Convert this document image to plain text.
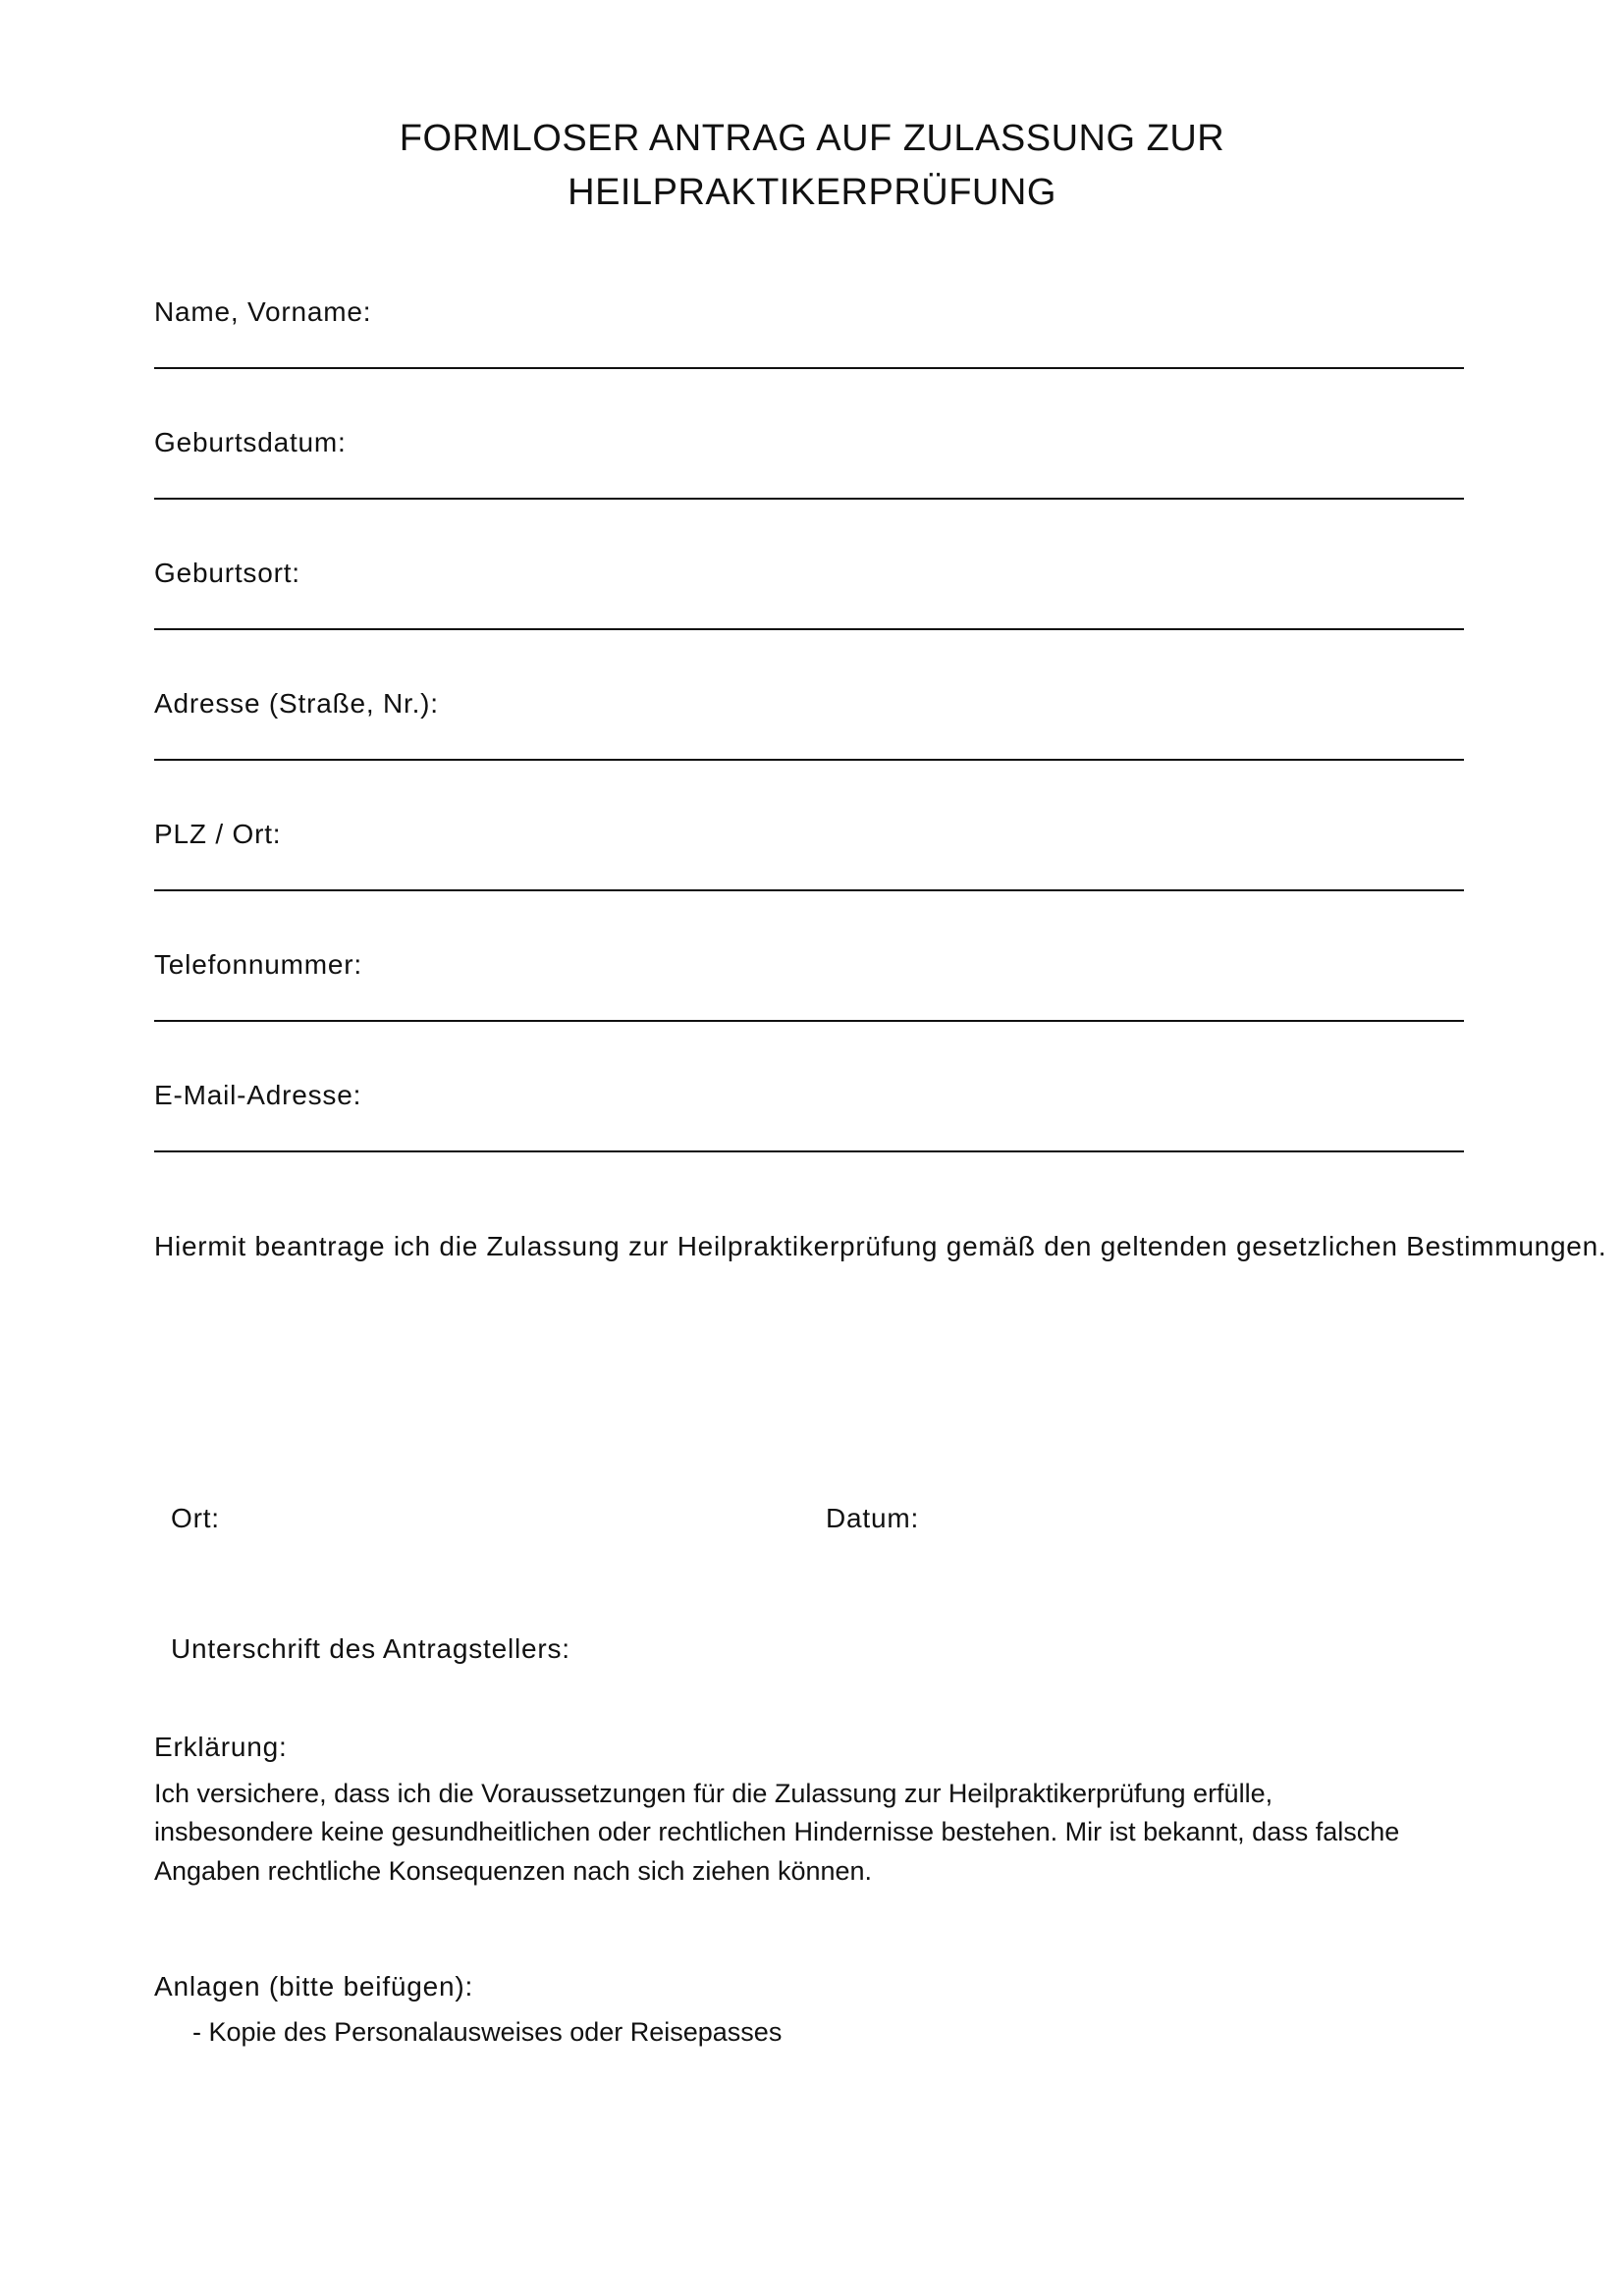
FORMLOSER ANTRAG AUF ZULASSUNG ZUR
HEILPRAKTIKERPRÜFUNG
Name, Vorname:
Geburtsdatum:
Geburtsort:
Adresse (Straße, Nr.):
PLZ / Ort:
Telefonnummer:
E-Mail-Adresse:
Hiermit beantrage ich die Zulassung zur Heilpraktikerprüfung gemäß den geltenden gesetzlichen Bestimmungen.
Ort:	Datum:
Unterschrift des Antragstellers:
Erklärung:
Ich versichere, dass ich die Voraussetzungen für die Zulassung zur Heilpraktikerprüfung erfülle,
insbesondere keine gesundheitlichen oder rechtlichen Hindernisse bestehen. Mir ist bekannt, dass falsche
Angaben rechtliche Konsequenzen nach sich ziehen können.
Anlagen (bitte beifügen):
- Kopie des Personalausweises oder Reisepasses
